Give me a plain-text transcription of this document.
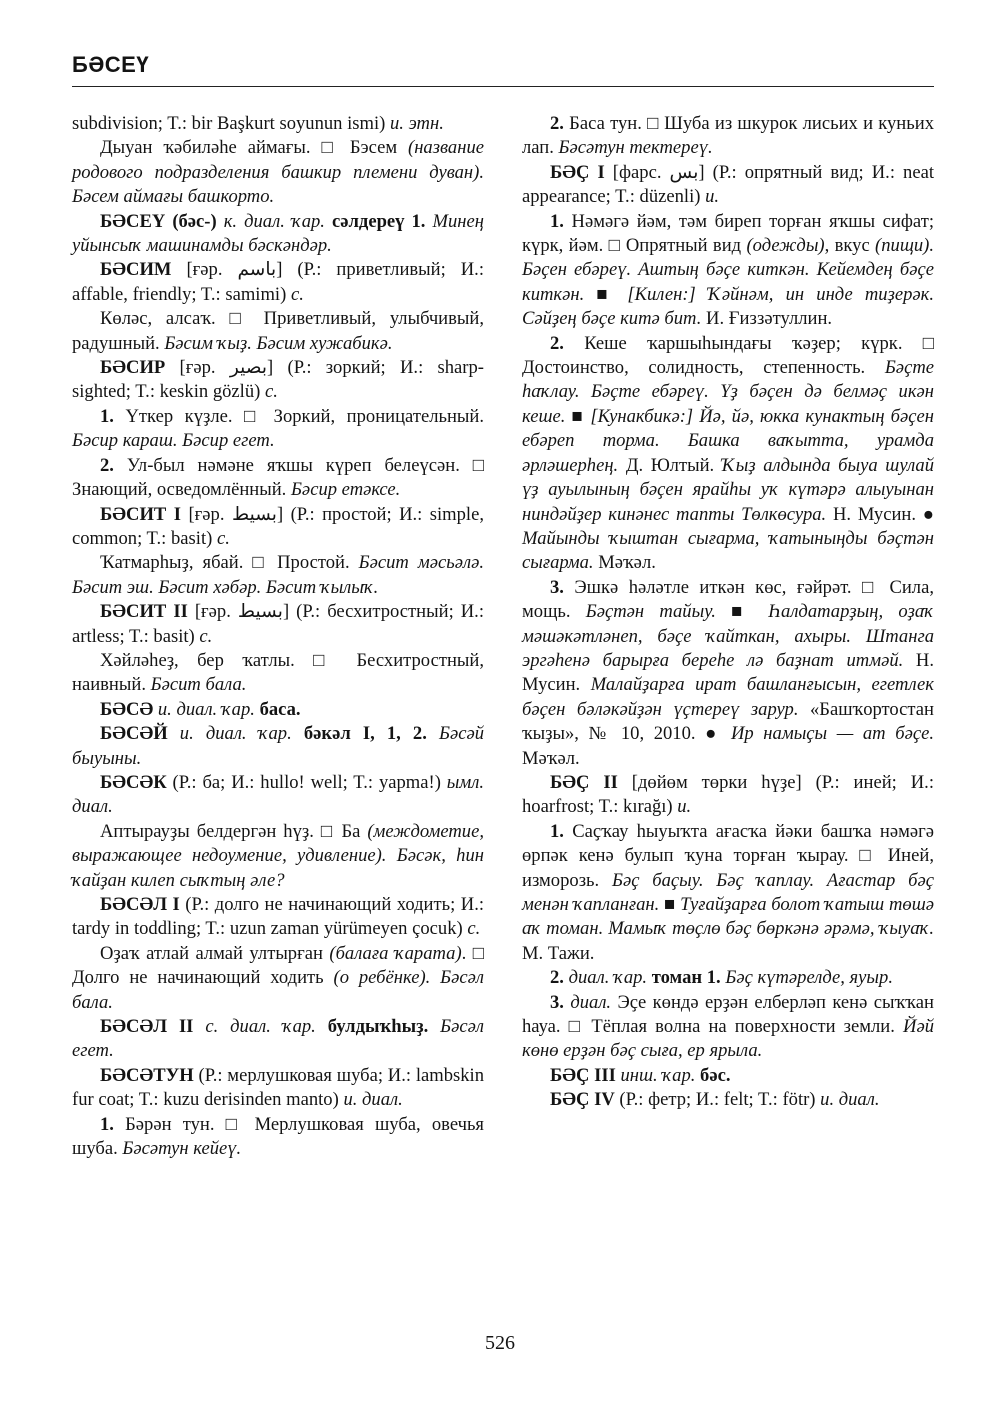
БӘСЕҮ

subdivision; T.: bir Başkurt soyunun ismi) и. этн.

Дыуан ҡәбиләһе аймағы. □ Бэсем (название родового подразделения башкир племени дуван). Бәсем аймағы башкорто.

БӘСЕҮ (бәс-) к. диал. ҡар. сәлдереү 1. Минең уйынсыҡ машинамды бәскәндәр.

БӘСИМ [ғәр. ﺑﺎﺳﻢ] (Р.: приветливый; И.: affable, friendly; T.: samimi) с.

Көләс, алсаҡ. □ Приветливый, улыбчивый, радушный. Бәсим ҡыҙ. Бәсим хужабикә.

БӘСИР [ғәр. ﺑﺼﻴﺮ] (Р.: зоркий; И.: sharp-sighted; T.: keskin gözlü) с.

1. Үткер күҙле. □ Зоркий, проницательный. Бәсир караш. Бәсир егет.

2. Ул-был нәмәне яҡшы күреп белеүсән. □ Знающий, осведомлённый. Бәсир етәксе.

БӘСИТ I [ғәр. ﺑﺴﻴﻂ] (Р.: простой; И.: simple, common; T.: basit) с.

Ҡатмарһыҙ, ябай. □ Простой. Бәсит мәсьәлә. Бәсит эш. Бәсит хәбәр. Бәсит ҡылыҡ.

БӘСИТ II [ғәр. ﺑﺴﻴﻂ] (Р.: бесхитростный; И.: artless; T.: basit) с.

Хәйләһеҙ, бер ҡатлы. □ Бесхитростный, наивный. Бәсит бала.

БӘСӘ и. диал. ҡар. баса.

БӘСӘЙ и. диал. ҡар. бәкәл I, 1, 2. Бәсәй быуыны.

БӘСӘК (Р.: ба; И.: hullo! well; T.: yapma!) ымл. диал.

Аптырауҙы белдергән һүҙ. □ Ба (междометие, выражающее недоумение, удивление). Бәсәк, һин ҡайҙан килеп сыҡтың әле?

БӘСӘЛ I (Р.: долго не начинающий ходить; И.: tardy in toddling; T.: uzun zaman yürümeyen çocuk) с.

Оҙаҡ атлай алмай ултырған (балаға ҡарата). □ Долго не начинающий ходить (о ребёнке). Бәсәл бала.

БӘСӘЛ II с. диал. ҡар. булдыҡһыҙ. Бәсәл егет.

БӘСӘТУН (Р.: мерлушковая шуба; И.: lambskin fur coat; T.: kuzu derisinden manto) и. диал.

1. Бәрән тун. □ Мерлушковая шуба, овечья шуба. Бәсәтун кейеү.

2. Баса тун. □ Шуба из шкурок лисьих и куньих лап. Бәсәтун тектереү.

БӘҪ I [фарс. ﺑﺲ] (Р.: опрятный вид; И.: neat appearance; T.: düzenli) и.

1. Нәмәгә йәм, тәм биреп торған яҡшы сифат; күрк, йәм. □ Опрятный вид (одежды), вкус (пищи). Бәҫен ебәреү. Аштың бәҫе киткән. Кейемдең бәҫе киткән. ■ [Килен:] Ҡәйнәм, ин инде тиҙерәк. Сәйҙең бәҫе китә бит. И. Ғиззәтуллин.

2. Кеше ҡаршыһындағы ҡәҙер; күрк. □ Достоинство, солидность, степенность. Бәҫте һаҡлау. Бәҫте ебәреү. Үҙ бәҫен дә белмәҫ икән кеше. ■ [Кунакбикә:] Йә, йә, юкка кунактың бәҫен ебәреп торма. Башка ваҡытта, урамда әрләшерһең. Д. Юлтый. Ҡыҙ алдында быуа шулай үҙ ауылының бәҫен ярайһы уҡ күтәрә алыуынан ниндәйҙер кинәнес тапты Төлкөсура. Н. Мусин. ● Майынды ҡыштан сығарма, ҡатыныңды бәҫтән сығарма. Мәҡәл.

3. Эшкә һәләтле иткән көс, ғәйрәт. □ Сила, мощь. Бәҫтән тайыу. ■ Һалдатарҙың, оҙаҡ мәшәкәтләнеп, бәҫе ҡайткан, ахыры. Штанга эргәһенә барырға береһе лә баҙнат итмәй. Н. Мусин. Малайҙарға ират башланғысын, егетлек бәҫен бәләкәйҙән үҫтереү зарур. «Башҡортостан ҡыҙы», № 10, 2010. ● Ир намыҫы — ат бәҫе. Мәҡәл.

БӘҪ II [дөйөм төрки һүҙе] (Р.: иней; И.: hoarfrost; T.: kırağı) и.

1. Саҫҡау һыуыҡта ағасҡа йәки башҡа нәмәгә өрпәк кенә булып ҡуна торған ҡырау. □ Иней, изморозь. Бәҫ баҫыу. Бәҫ ҡаплау. Ағастар бәҫ менән ҡапланған. ■ Туғайҙарға болот ҡатыш төшә аҡ томан. Мамыҡ төҫлө бәҫ бөркәнә әрәмә, ҡыуаҡ. М. Тажи.

2. диал. ҡар. томан 1. Бәҫ күтәрелде, яуыр.

3. диал. Эҫе көндә ерҙән елберләп кенә сыҡҡан һауа. □ Тёплая волна на поверхности земли. Йәй көнө ерҙән бәҫ сыға, ер ярыла.

БӘҪ III инш. ҡар. бәс.

БӘҪ IV (Р.: фетр; И.: felt; T.: fötr) и. диал.

526
